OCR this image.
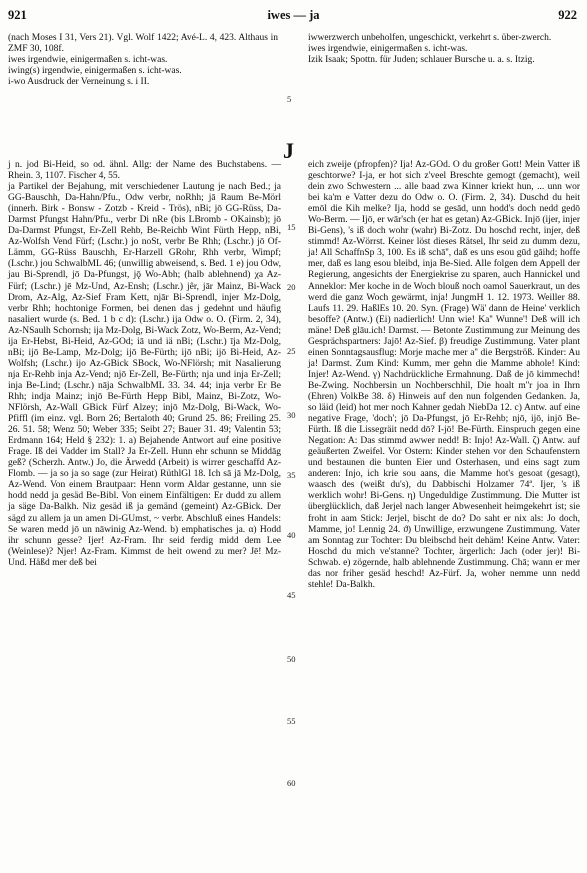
921	iwes — ja	922

(nach Moses I 31, Vers 21). Vgl. Wolf 1422; Avé-L. 4, 423. Althaus in ZMF 30, 108f.
iwes irgendwie, einigermaßen s. icht-was.
iwing(s) irgendwie, einigermaßen s. icht-was.
i-wo Ausdruck der Verneinung s. i II.

iwwerzwerch unbeholfen, ungeschickt, verkehrt s. über-zwerch.
iwes irgendwie, einigermaßen s. icht-was.
Izik Isaak; Spottn. für Juden; schlauer Bursche u. a. s. Itzig.

5
J

j n. jod Bi-Heid, so od. ähnl. Allg: der Name des Buchstabens. — Rhein. 3, 1107. Fischer 4, 55.

ja Partikel der Bejahung, mit verschiedener Lautung je nach Bed.; ja GG-Bauschh, Da-Hahn/Pfu., Odw verbr, noRhh; jā Raum Be-Mörl (innerh. Birk - Bonsw - Zotzb - Kreid - Trös), nBi; jō GG-Rüss, Da-Darmst Pfungst Hahn/Pfu., verbr Di nRe (bis LBromb - OKainsb); jō Da-Darmst Pfungst, Er-Zell Rehb, Be-Reichb Wint Fürth Hepp, nBi, Az-Wolfsh Vend Fürf; (Lschr.) jo noSt, verbr Be Rhh; (Lschr.) jō Of-Lämm, GG-Rüss Bauschh, Er-Harzell GRohr, Rhh verbr, Wimpf; (Lschr.) jou SchwalbML 46; (unwillig abweisend, s. Bed. 1 e) jou Odw, jau Bi-Sprendl, jō Da-Pfungst, jǭ Wo-Abh; (halb ablehnend) χa Az-Fürf; (Lschr.) jē Mz-Und, Az-Ensh; (Lschr.) jêr, jār Mainz, Bi-Wack Drom, Az-Alg, Az-Sief Fram Kett, njār Bi-Sprendl, injer Mz-Dolg, verbr Rhh; hochtonige Formen, bei denen das j gedehnt und häufig nasaliert wurde (s. Bed. 1 b c d): (Lschr.) ija Odw o. O. (Firm. 2, 34), Az-NSaulh Schornsh; ija Mz-Dolg, Bi-Wack Zotz, Wo-Berm, Az-Vend; ija Er-Hebst, Bi-Heid, Az-GOd; iā und iä nBi; (Lschr.) īja Mz-Dolg, nBi; ijō Be-Lamp, Mz-Dolg; ijō Be-Fürth; ijō nBi; ijō Bi-Heid, Az-Wolfsh; (Lschr.) ijo Az-GBick SBock, Wo-NFlörsh; mit Nasalierung nja Er-Rehb inja Az-Vend; njō Er-Zell, Be-Fürth; nja und inja Er-Zell; inja Be-Lind; (Lschr.) nāja SchwalbML 33. 34. 44; inja verbr Er Be Rhh; indja Mainz; injō Be-Fürth Hepp Bibl, Mainz, Bi-Zotz, Wo-NFlörsh, Az-Wall GBick Fürf Alzey; injō Mz-Dolg, Bi-Wack, Wo-Pfiffl (im einz. vgl. Born 26; Bertaloth 40; Grund 25. 86; Freiling 25. 26. 51. 58; Wenz 50; Weber 335; Seibt 27; Bauer 31. 49; Valentin 53; Erdmann 164; Held § 232): 1. a) Bejahende Antwort auf eine positive Frage. Iß dei Vadder im Stall? Ja Er-Zell. Hunn ehr schunn se Middāg geß? (Scherzh. Antw.) Jo, die Ärwedd (Arbeit) is wirrer geschaffd Az-Flomb. — ja so ja so sage (zur Heirat) RüthlGl 18. Ich sā jā Mz-Dolg, Az-Wend. Von einem Brautpaar: Henn vorm Aldar gestanne, unn sie hodd nedd ja gesäd Be-Bibl. Von einem Einfältigen: Er dudd zu allem ja säge Da-Balkh. Niz gesäd iß ja gemänd (gemeint) Az-GBick. Der sägd zu allem ja un amen Di-GUmst, ~ verbr. Abschluß eines Handels: Se waren medd jō un nāwinig Az-Wend. b) emphatisches ja. α) Hodd ihr schunn gesse? Ijer! Az-Fram. Ihr seid ferdig midd dem Lee (Weinlese)? Njer! Az-Fram. Kimmst de heit owend zu mer? Jē! Mz-Und. Häßd mer deß bei

eich zweije (pfropfen)? Ija! Az-GOd. O du großer Gott! Mein Vatter iß geschtorwe? I-ja, er hot sich z'veel Breschte gemogt (gemacht), weil dein zwo Schwestern ... alle baad zwa Kinner kriekt hun, ... unn wor bei ka'm e Vatter dezu do Odw o. O. (Firm. 2, 34). Duschd du heit emōl die Kih melke? Ija, hodd se gesād, unn hodd's doch nedd gedō Wo-Berm. — Ijō, er wār'sch (er hat es getan) Az-GBick. Injō (ijer, injer Bi-Gens), 's iß doch wohr (wahr) Bi-Zotz. Du hoschd recht, injer, deß stimmd! Az-Wörrst. Keiner löst dieses Rätsel, Ihr seid zu dumm dezu, ja! All SchaffnSp 3, 100. Es iß schā'', daß es uns esou gūd gāihd; hoffe mer, daß es lang esou bleibd, inja Be-Sied. Alle folgen dem Appell der Regierung, angesichts der Energiekrise zu sparen, auch Hannickel und Anneklor: Mer koche in de Woch blouß noch oamol Sauerkraut, un des werd die ganz Woch gewärmt, inja! JungmH 1. 12. 1973. Weiller 88. Laufs 11. 29. HaßlEs 10. 20. Syn. (Frage) Wä' dann de Heine' verklich besoffe? (Antw.) (Ei) nadierlich! Unn wie! Ka'' Wunne'! Deß will ich mäne! Deß glāu.ich! Darmst. — Betonte Zustimmung zur Meinung des Gesprächspartners: Jajō! Az-Sief. β) freudige Zustimmung. Vater plant einen Sonntagsausflug: Morje mache mer a'' die Bergströß. Kinder: Au ja! Darmst. Zum Kind: Kumm, mer gehn die Mamme abhole! Kind: Injer! Az-Wend. γ) Nachdrückliche Ermahnung. Daß de jō kimmechd! Be-Zwing. Nochbersin un Nochberschhil, Die hoalt m''r joa in Ihrn (Ehren) VolkBe 38. δ) Hinweis auf den nun folgenden Gedanken. Ja, so läid (leid) hot mer noch Kahner gedah NiebDa 12. c) Antw. auf eine negative Frage, 'doch'; jō Da-Pfungst, jō Er-Rehb; njō, ijō, injō Be-Fürth. Iß die Lissegräit nedd dō? I-jō! Be-Fürth. Einspruch gegen eine Negation: A: Das stimmd awwer nedd! B: Injo! Az-Wall. ζ) Antw. auf geäußerten Zweifel. Vor Ostern: Kinder stehen vor den Schaufenstern und bestaunen die bunten Eier und Osterhasen, und eins sagt zum anderen: Injo, ich krie sou aans, die Mamme hot's gesoat (gesagt), waasch des (weißt du's), du Dabbischi Holzamer 74ª. Ijer, 's iß werklich wohr! Bi-Gens. η) Ungeduldige Zustimmung. Die Mutter ist überglücklich, daß Jerjel nach langer Abwesenheit heimgekehrt ist; sie froht in aam Stick: Jerjel, bischt de do? Do saht er nix als: Jo doch, Mamme, jo! Lennig 24. ϑ) Unwillige, erzwungene Zustimmung. Vater am Sonntag zur Tochter: Du bleibschd heit dehäm! Keine Antw. Vater: Hoschd du mich ve'stanne? Tochter, ärgerlich: Jach (oder jer)! Bi-Schwab. e) zögernde, halb ablehnende Zustimmung. Chā; wann er mer das nor friher gesäd heschd! Az-Fürf. Ja, woher nemme unn nedd stehle! Da-Balkh.

15
20
25
30
35
40
45
50
55
60
